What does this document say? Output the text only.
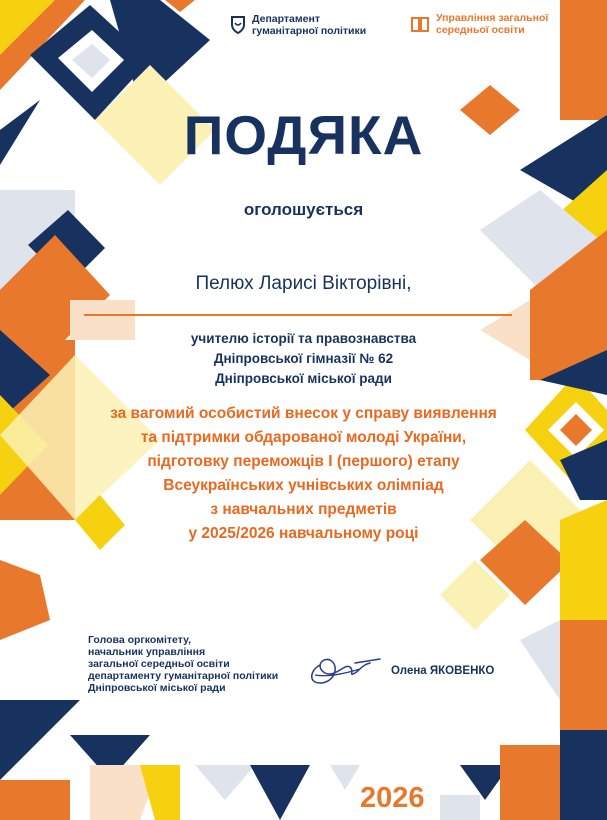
Департамент
гуманітарної політики
Управління загальної
середньої освіти
ПОДЯКА
оголошується
Пелюх Ларисі Вікторівні,
учителю історії та правознавства
Дніпровської гімназії № 62
Дніпровської міської ради
за вагомий особистий внесок у справу виявлення
та підтримки обдарованої молоді України,
підготовку переможців І (першого) етапу
Всеукраїнських учнівських олімпіад
з навчальних предметів
у 2025/2026 навчальному році
Голова оргкомітету,
начальник управління
загальної середньої освіти
департаменту гуманітарної політики
Дніпровської міської ради
Олена ЯКОВЕНКО
2026
